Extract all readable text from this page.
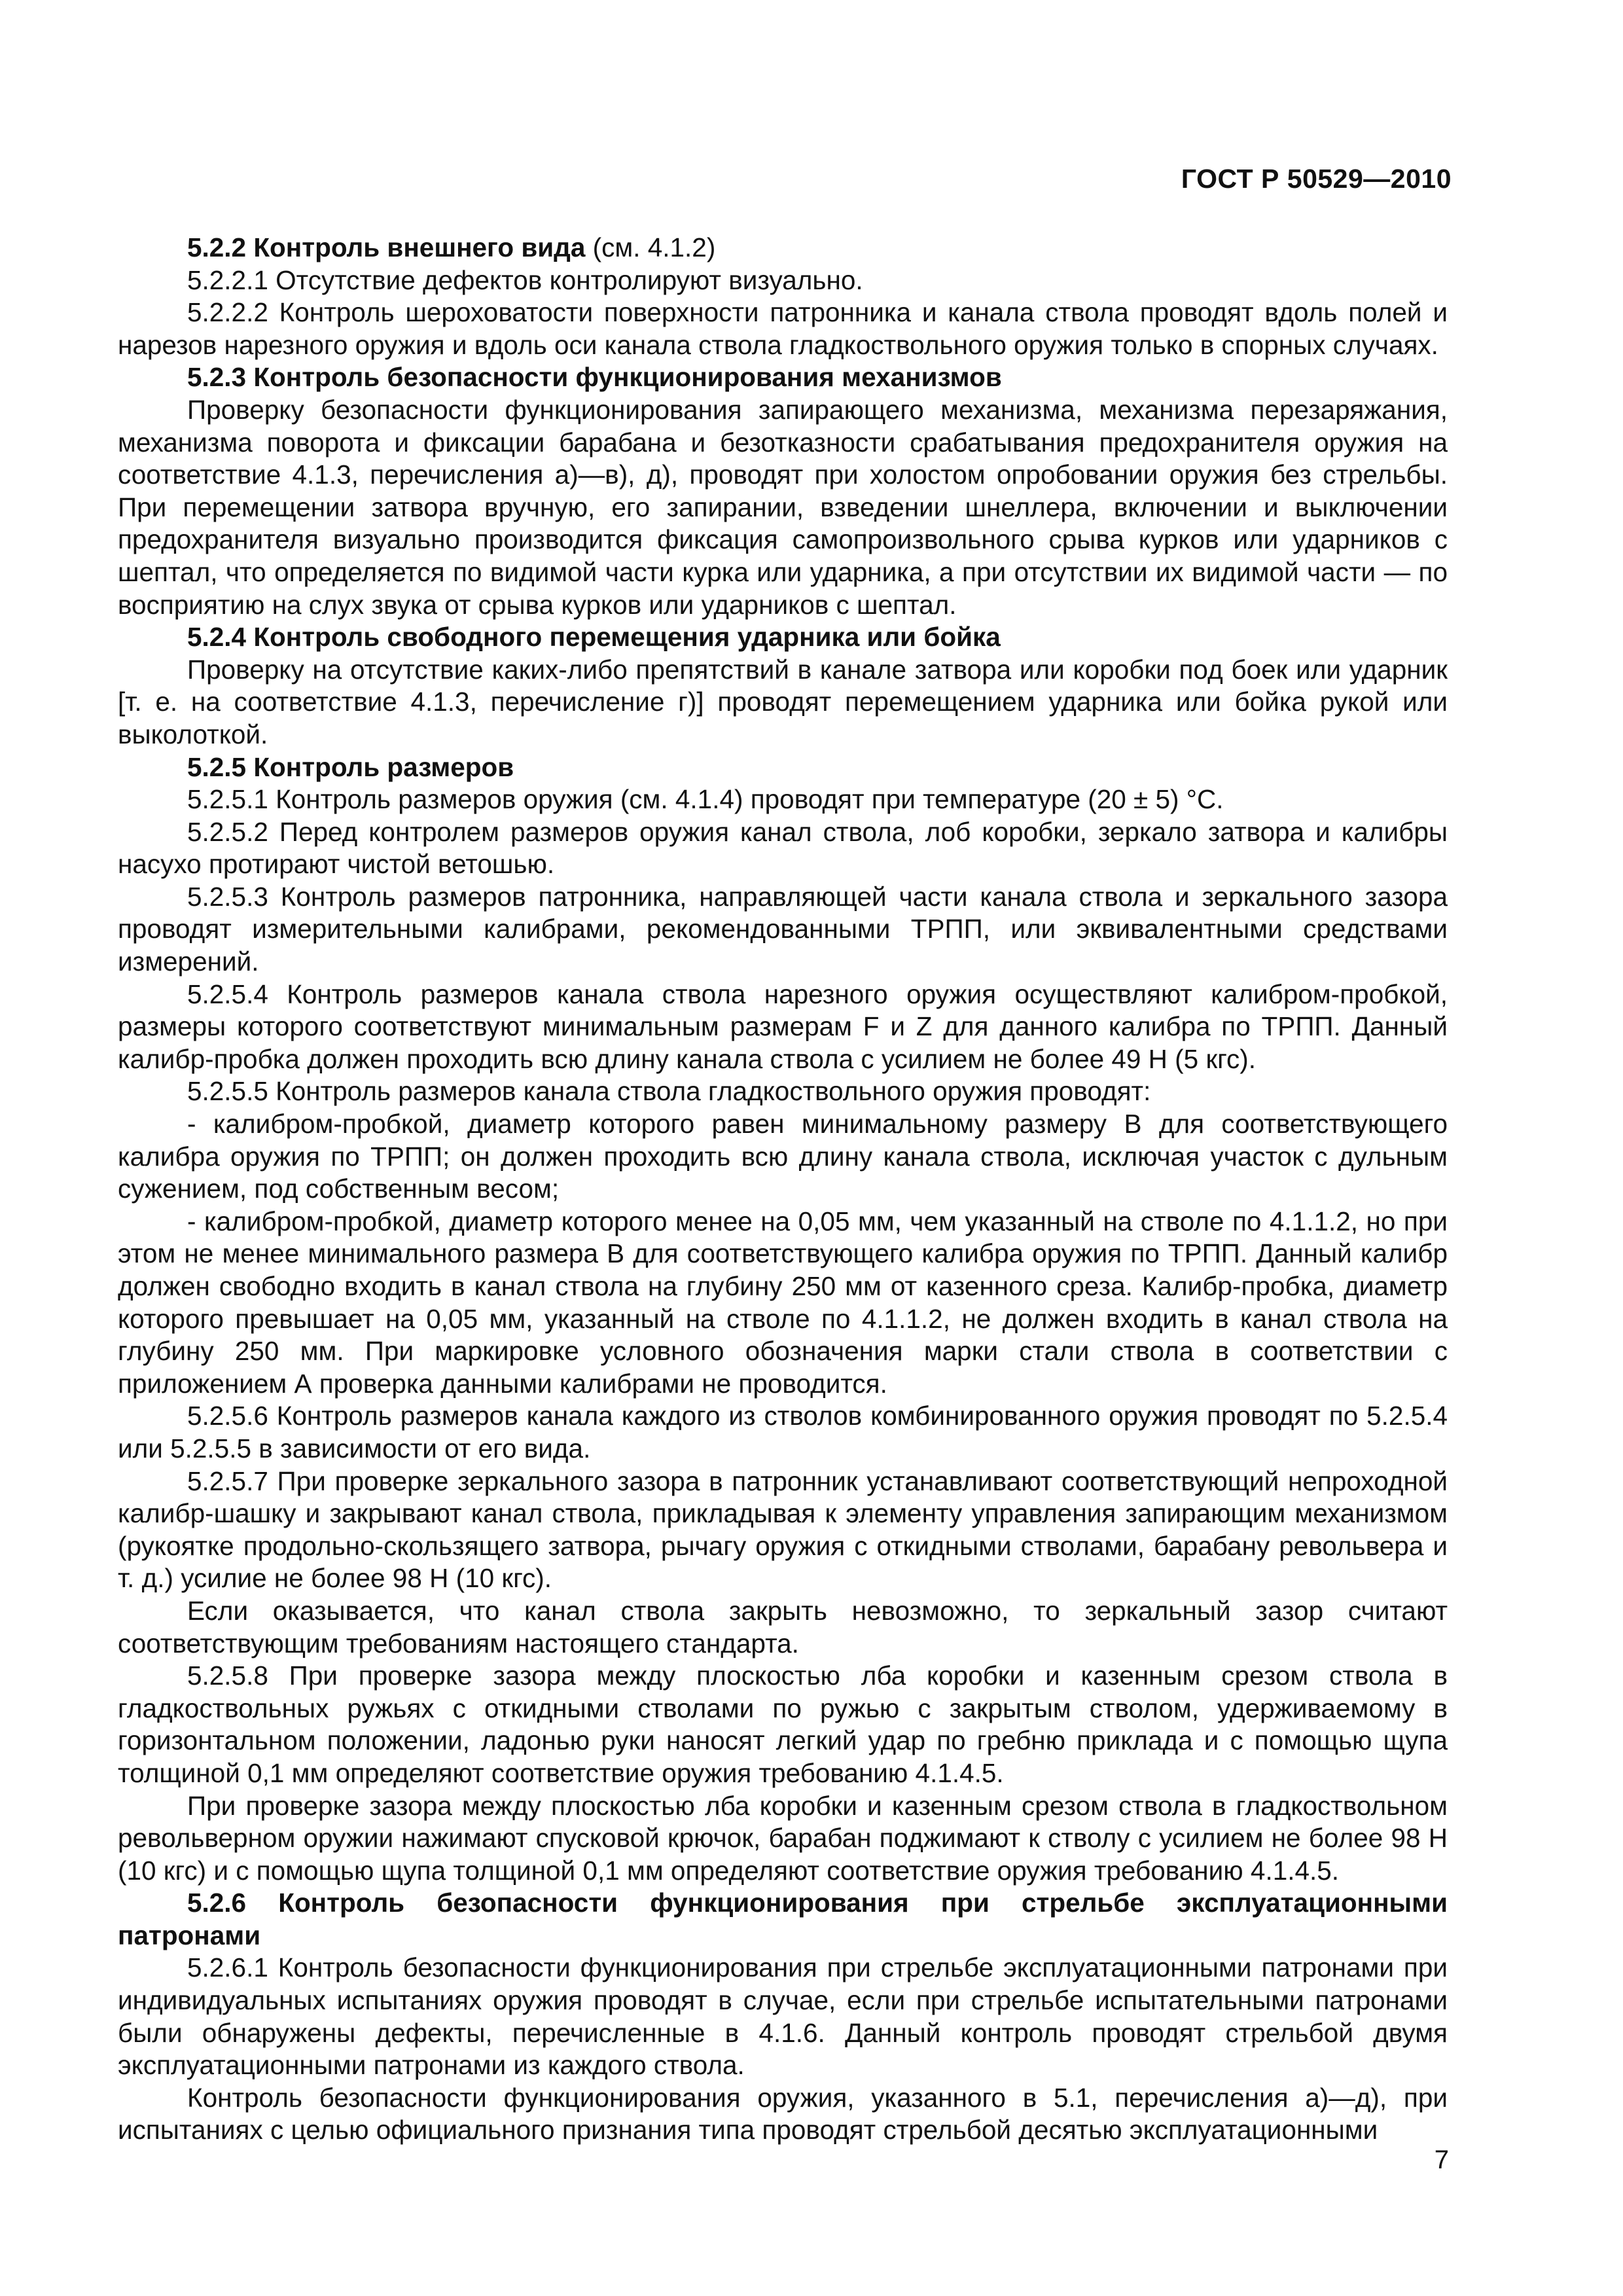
ГОСТ Р 50529—2010

5.2.2 Контроль внешнего вида (см. 4.1.2)

5.2.2.1 Отсутствие дефектов контролируют визуально.

5.2.2.2 Контроль шероховатости поверхности патронника и канала ствола проводят вдоль полей и нарезов нарезного оружия и вдоль оси канала ствола гладкоствольного оружия только в спорных случаях.

5.2.3 Контроль безопасности функционирования механизмов

Проверку безопасности функционирования запирающего механизма, механизма перезаряжания, механизма поворота и фиксации барабана и безотказности срабатывания предохранителя оружия на соответствие 4.1.3, перечисления а)—в), д), проводят при холостом опробовании оружия без стрельбы. При перемещении затвора вручную, его запирании, взведении шнеллера, включении и выключении предохранителя визуально производится фиксация самопроизвольного срыва курков или ударников с шептал, что определяется по видимой части курка или ударника, а при отсутствии их видимой части — по восприятию на слух звука от срыва курков или ударников с шептал.

5.2.4 Контроль свободного перемещения ударника или бойка

Проверку на отсутствие каких-либо препятствий в канале затвора или коробки под боек или ударник [т. е. на соответствие 4.1.3, перечисление г)] проводят перемещением ударника или бойка рукой или выколоткой.

5.2.5 Контроль размеров

5.2.5.1 Контроль размеров оружия (см. 4.1.4) проводят при температуре (20 ± 5) °С.

5.2.5.2 Перед контролем размеров оружия канал ствола, лоб коробки, зеркало затвора и калибры насухо протирают чистой ветошью.

5.2.5.3 Контроль размеров патронника, направляющей части канала ствола и зеркального зазора проводят измерительными калибрами, рекомендованными ТРПП, или эквивалентными средствами измерений.

5.2.5.4 Контроль размеров канала ствола нарезного оружия осуществляют калибром-пробкой, размеры которого соответствуют минимальным размерам F и Z для данного калибра по ТРПП. Данный калибр-пробка должен проходить всю длину канала ствола с усилием не более 49 Н (5 кгс).

5.2.5.5 Контроль размеров канала ствола гладкоствольного оружия проводят:

- калибром-пробкой, диаметр которого равен минимальному размеру В для соответствующего калибра оружия по ТРПП; он должен проходить всю длину канала ствола, исключая участок с дульным сужением, под собственным весом;

- калибром-пробкой, диаметр которого менее на 0,05 мм, чем указанный на стволе по 4.1.1.2, но при этом не менее минимального размера В для соответствующего калибра оружия по ТРПП. Данный калибр должен свободно входить в канал ствола на глубину 250 мм от казенного среза. Калибр-пробка, диаметр которого превышает на 0,05 мм, указанный на стволе по 4.1.1.2, не должен входить в канал ствола на глубину 250 мм. При маркировке условного обозначения марки стали ствола в соответствии с приложением А проверка данными калибрами не проводится.

5.2.5.6 Контроль размеров канала каждого из стволов комбинированного оружия проводят по 5.2.5.4 или 5.2.5.5 в зависимости от его вида.

5.2.5.7 При проверке зеркального зазора в патронник устанавливают соответствующий непроходной калибр-шашку и закрывают канал ствола, прикладывая к элементу управления запирающим механизмом (рукоятке продольно-скользящего затвора, рычагу оружия с откидными стволами, барабану револьвера и т. д.) усилие не более 98 Н (10 кгс).

Если оказывается, что канал ствола закрыть невозможно, то зеркальный зазор считают соответствующим требованиям настоящего стандарта.

5.2.5.8 При проверке зазора между плоскостью лба коробки и казенным срезом ствола в гладкоствольных ружьях с откидными стволами по ружью с закрытым стволом, удерживаемому в горизонтальном положении, ладонью руки наносят легкий удар по гребню приклада и с помощью щупа толщиной 0,1 мм определяют соответствие оружия требованию 4.1.4.5.

При проверке зазора между плоскостью лба коробки и казенным срезом ствола в гладкоствольном револьверном оружии нажимают спусковой крючок, барабан поджимают к стволу с усилием не более 98 Н (10 кгс) и с помощью щупа толщиной 0,1 мм определяют соответствие оружия требованию 4.1.4.5.

5.2.6 Контроль безопасности функционирования при стрельбе эксплуатационными патронами

5.2.6.1 Контроль безопасности функционирования при стрельбе эксплуатационными патронами при индивидуальных испытаниях оружия проводят в случае, если при стрельбе испытательными патронами были обнаружены дефекты, перечисленные в 4.1.6. Данный контроль проводят стрельбой двумя эксплуатационными патронами из каждого ствола.

Контроль безопасности функционирования оружия, указанного в 5.1, перечисления а)—д), при испытаниях с целью официального признания типа проводят стрельбой десятью эксплуатационными

7
